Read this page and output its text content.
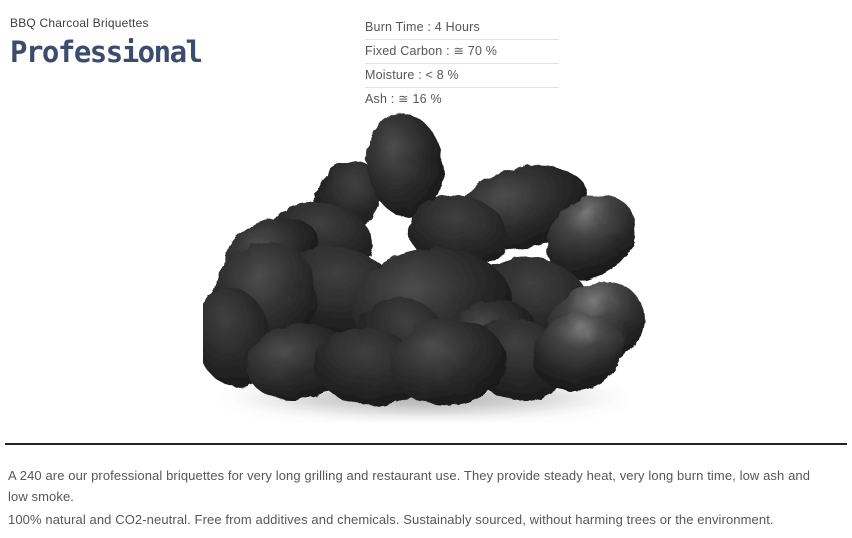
BBQ Charcoal Briquettes
Professional
Burn Time : 4 Hours
Fixed Carbon : ≅ 70 %
Moisture : < 8 %
Ash : ≅ 16 %

A 240 are our professional briquettes for very long grilling and restaurant use. They provide steady heat, very long burn time, low ash and low smoke.

100% natural and CO2-neutral. Free from additives and chemicals. Sustainably sourced, without harming trees or the environment.
